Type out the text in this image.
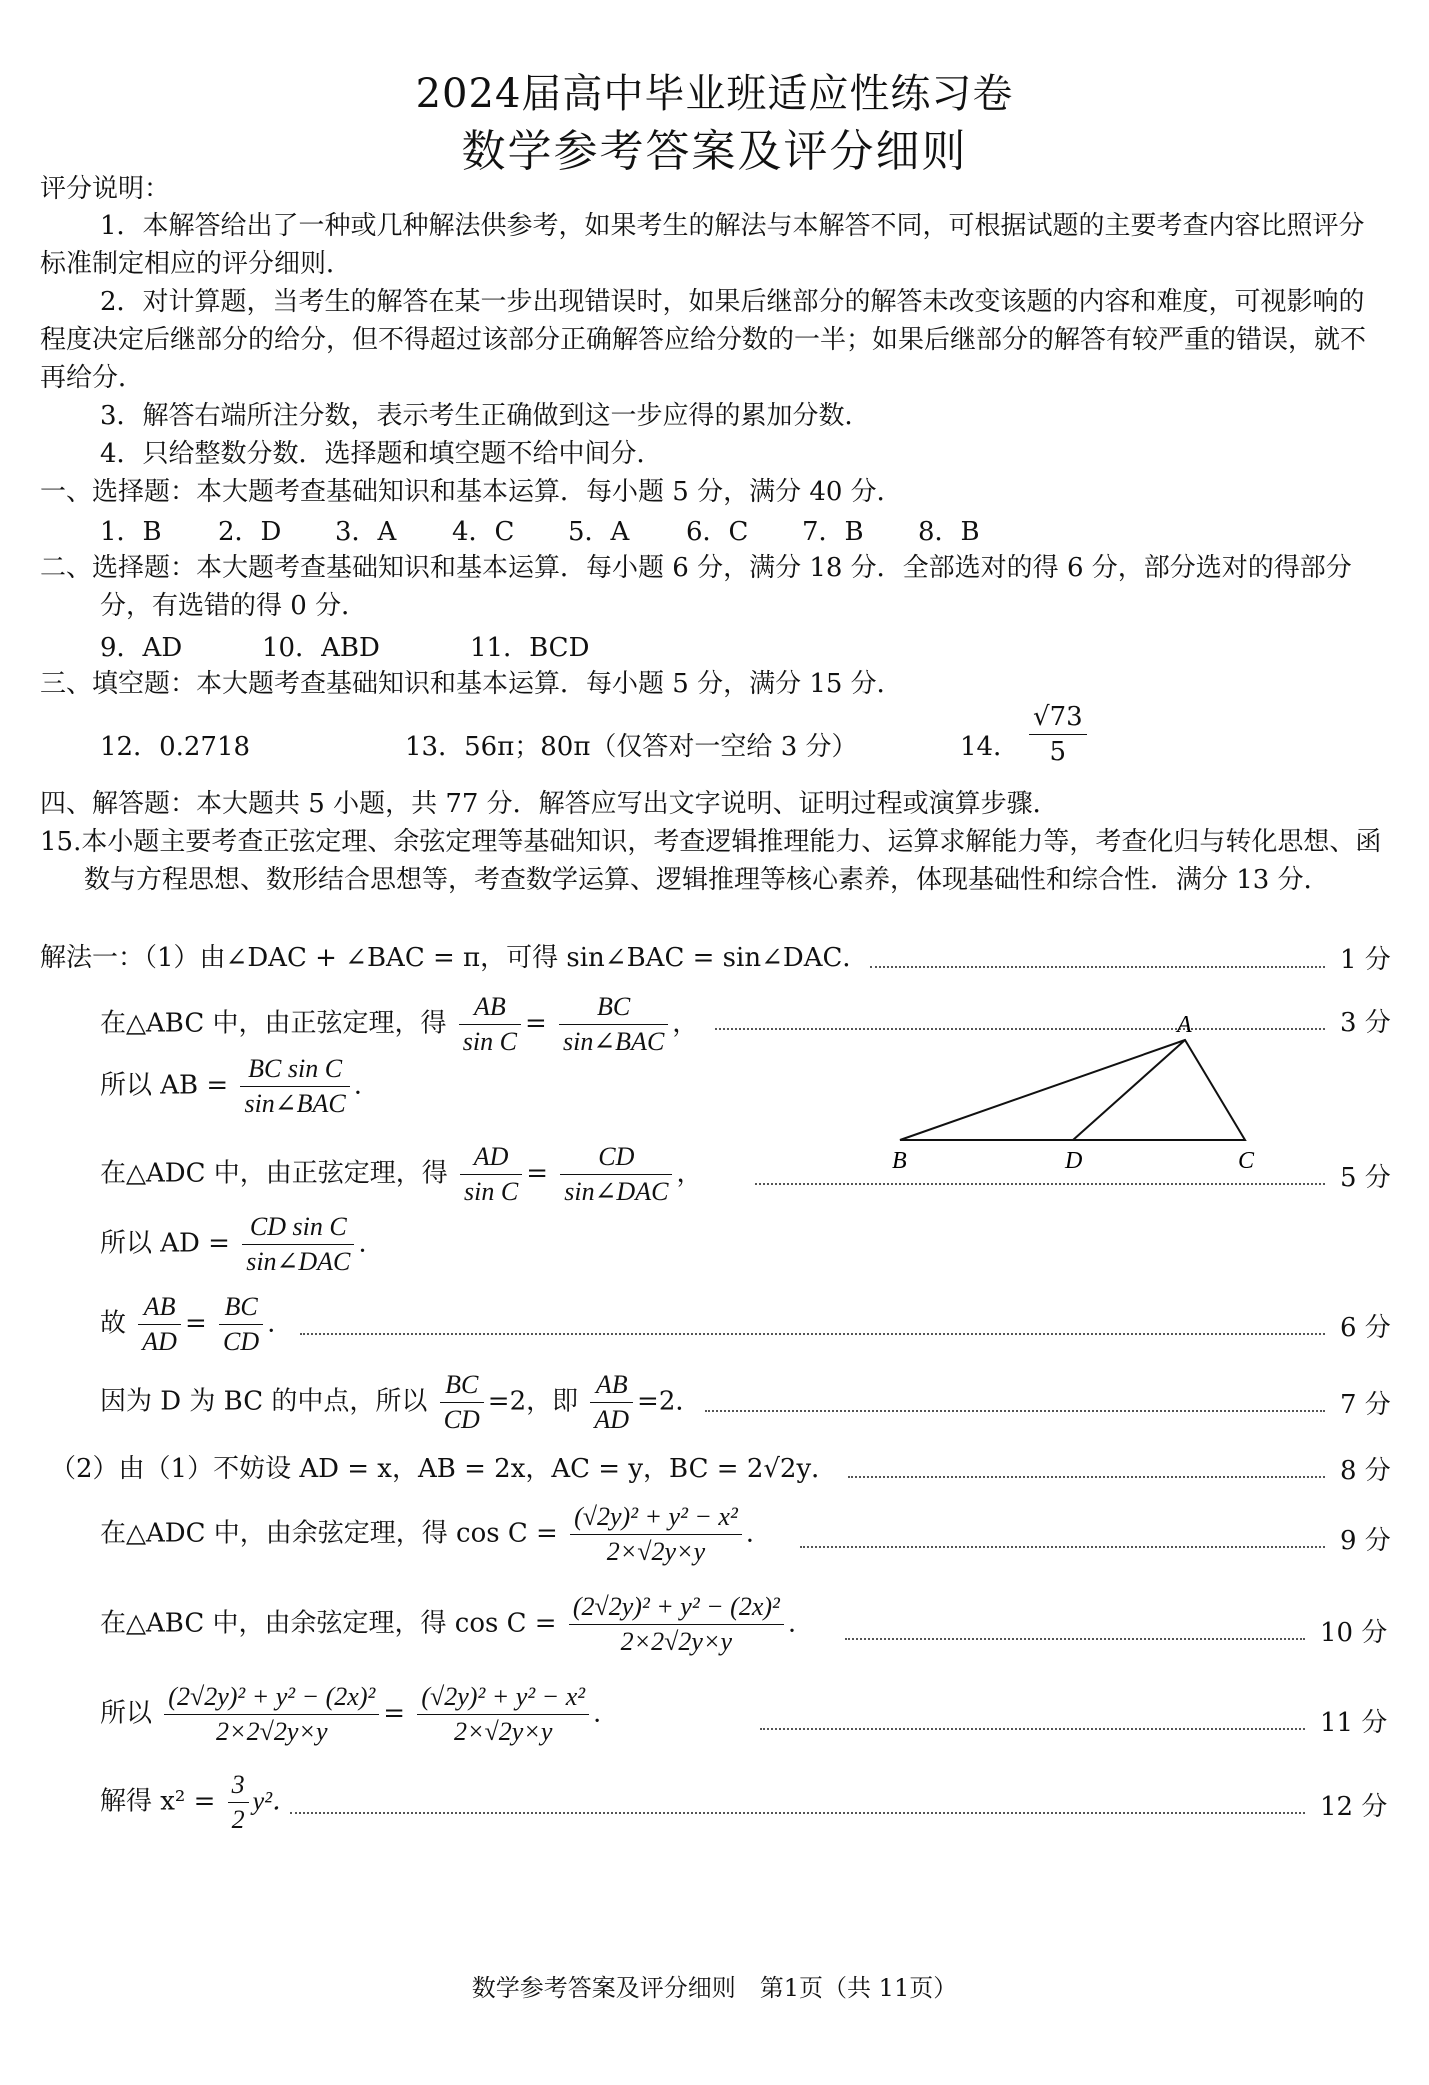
2024届高中毕业班适应性练习卷
数学参考答案及评分细则
评分说明：
1．本解答给出了一种或几种解法供参考，如果考生的解法与本解答不同，可根据试题的主要考查内容比照评分标准制定相应的评分细则．
2．对计算题，当考生的解答在某一步出现错误时，如果后继部分的解答未改变该题的内容和难度，可视影响的程度决定后继部分的给分，但不得超过该部分正确解答应给分数的一半；如果后继部分的解答有较严重的错误，就不再给分．
3．解答右端所注分数，表示考生正确做到这一步应得的累加分数．
4．只给整数分数．选择题和填空题不给中间分．
一、选择题：本大题考查基础知识和基本运算．每小题 5 分，满分 40 分．
1．B 2．D 3．A 4．C 5．A 6．C 7．B 8．B
二、选择题：本大题考查基础知识和基本运算．每小题 6 分，满分 18 分．全部选对的得 6 分，部分选对的得部分分，有选错的得 0 分．
9．AD	10．ABD	11．BCD
三、填空题：本大题考查基础知识和基本运算．每小题 5 分，满分 15 分．
12．0.2718	13．56π；80π（仅答对一空给 3 分）	14． $\frac{√73}{5}$
四、解答题：本大题共 5 小题，共 77 分．解答应写出文字说明、证明过程或演算步骤．
15.本小题主要考查正弦定理、余弦定理等基础知识，考查逻辑推理能力、运算求解能力等，考查化归与转化思想、函数与方程思想、数形结合思想等，考查数学运算、逻辑推理等核心素养，体现基础性和综合性．满分 13 分．
解法一：（1）由∠DAC + ∠BAC = π，可得 sin∠BAC = sin∠DAC．	1 分
在△ABC 中，由正弦定理，得 $\frac{AB}{\text{sin C}} = \frac{BC}{\text{sin∠BAC}}$ ，	3 分
所以 AB = $\frac{\text{BC sin C}}{\text{sin∠BAC}}$ .
在△ADC 中，由正弦定理，得 $\frac{AD}{\text{sin C}} = \frac{CD}{\text{sin∠DAC}}$ ，	5 分
所以 AD = $\frac{\text{CD sin C}}{\text{sin∠DAC}}$ .
故 $\frac{AB}{AD} = \frac{BC}{CD}$ .	6 分
因为 D 为 BC 的中点，所以 $\frac{BC}{CD} =2$，即 $\frac{AB}{AD} =2$．	7 分
（2）由（1）不妨设 AD = x，AB = 2x，AC = y，BC = 2√2y．	8 分
在△ADC 中，由余弦定理，得 $\cos C = \frac{\text{(√2y)² + y² − x²}}{2\times√2y\times y}$ .	9 分
在△ABC 中，由余弦定理，得 $\cos C = \frac{\text{(2√2y)² + y² − (2x)²}}{2\times 2√2y\times y}$ .	10 分
所以 $\frac{\text{(2√2y)² + y² − (2x)²}}{2\times 2√2y\times y} = \frac{\text{(√2y)² + y² − x²}}{2\times√2y\times y}$ .	11 分
解得 $x^2 = \frac{3}{2} y^2$．	12 分
A
B	D	C
数学参考答案及评分细则　第1页（共 11页）
